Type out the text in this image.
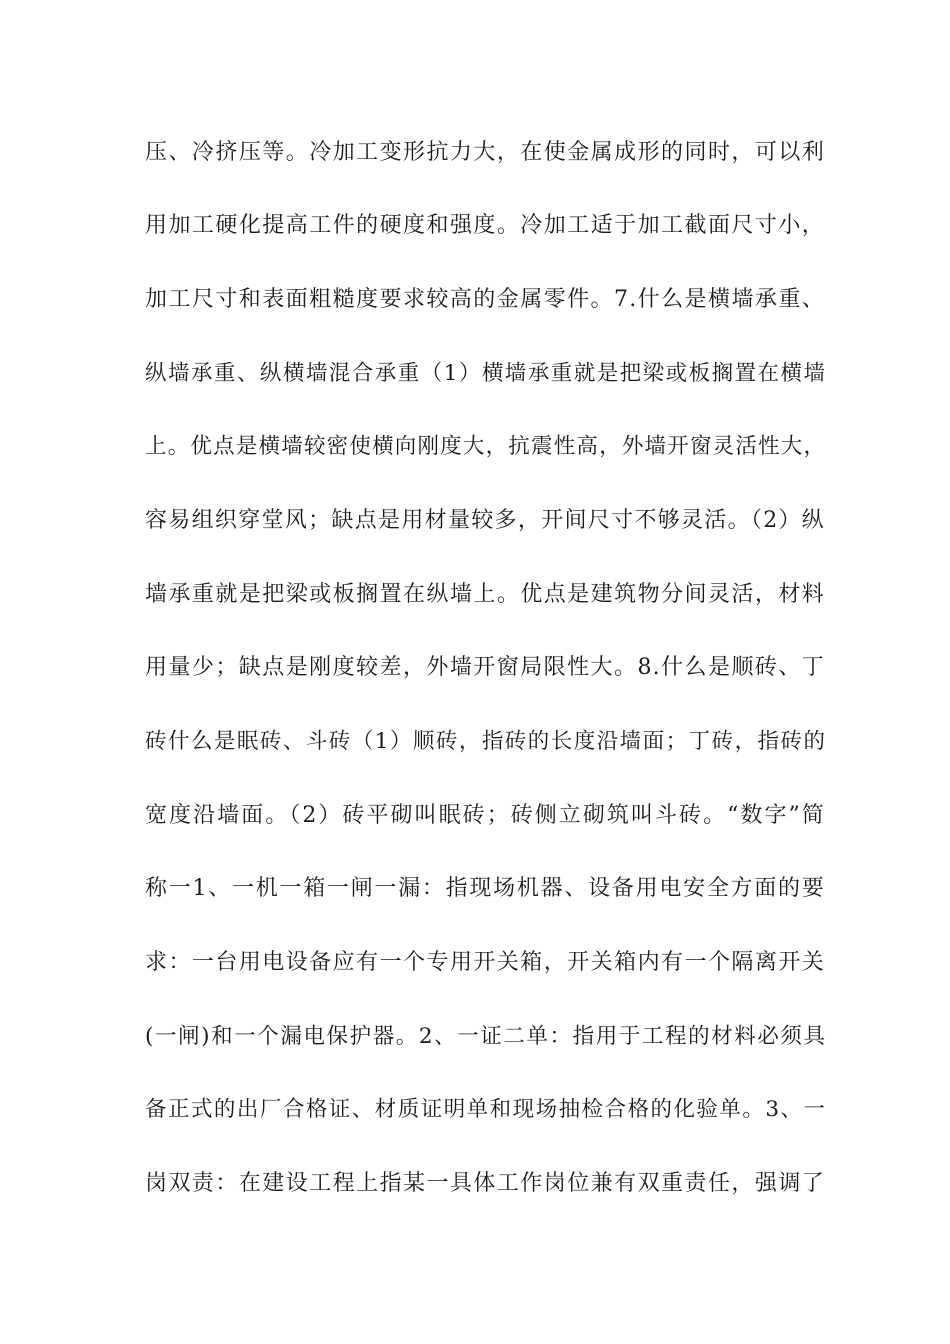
压、冷挤压等。冷加工变形抗力大，在使金属成形的同时，可以利
用加工硬化提高工件的硬度和强度。冷加工适于加工截面尺寸小，
加工尺寸和表面粗糙度要求较高的金属零件。7.什么是横墙承重、
纵墙承重、纵横墙混合承重（1）横墙承重就是把梁或板搁置在横墙
上。优点是横墙较密使横向刚度大，抗震性高，外墙开窗灵活性大，
容易组织穿堂风；缺点是用材量较多，开间尺寸不够灵活。（2）纵
墙承重就是把梁或板搁置在纵墙上。优点是建筑物分间灵活，材料
用量少；缺点是刚度较差，外墙开窗局限性大。8.什么是顺砖、丁
砖什么是眠砖、斗砖（1）顺砖，指砖的长度沿墙面；丁砖，指砖的
宽度沿墙面。（2）砖平砌叫眠砖；砖侧立砌筑叫斗砖。“数字”简
称一1、一机一箱一闸一漏：指现场机器、设备用电安全方面的要
求：一台用电设备应有一个专用开关箱，开关箱内有一个隔离开关
(一闸)和一个漏电保护器。2、一证二单：指用于工程的材料必须具
备正式的出厂合格证、材质证明单和现场抽检合格的化验单。3、一
岗双责：在建设工程上指某一具体工作岗位兼有双重责任，强调了
